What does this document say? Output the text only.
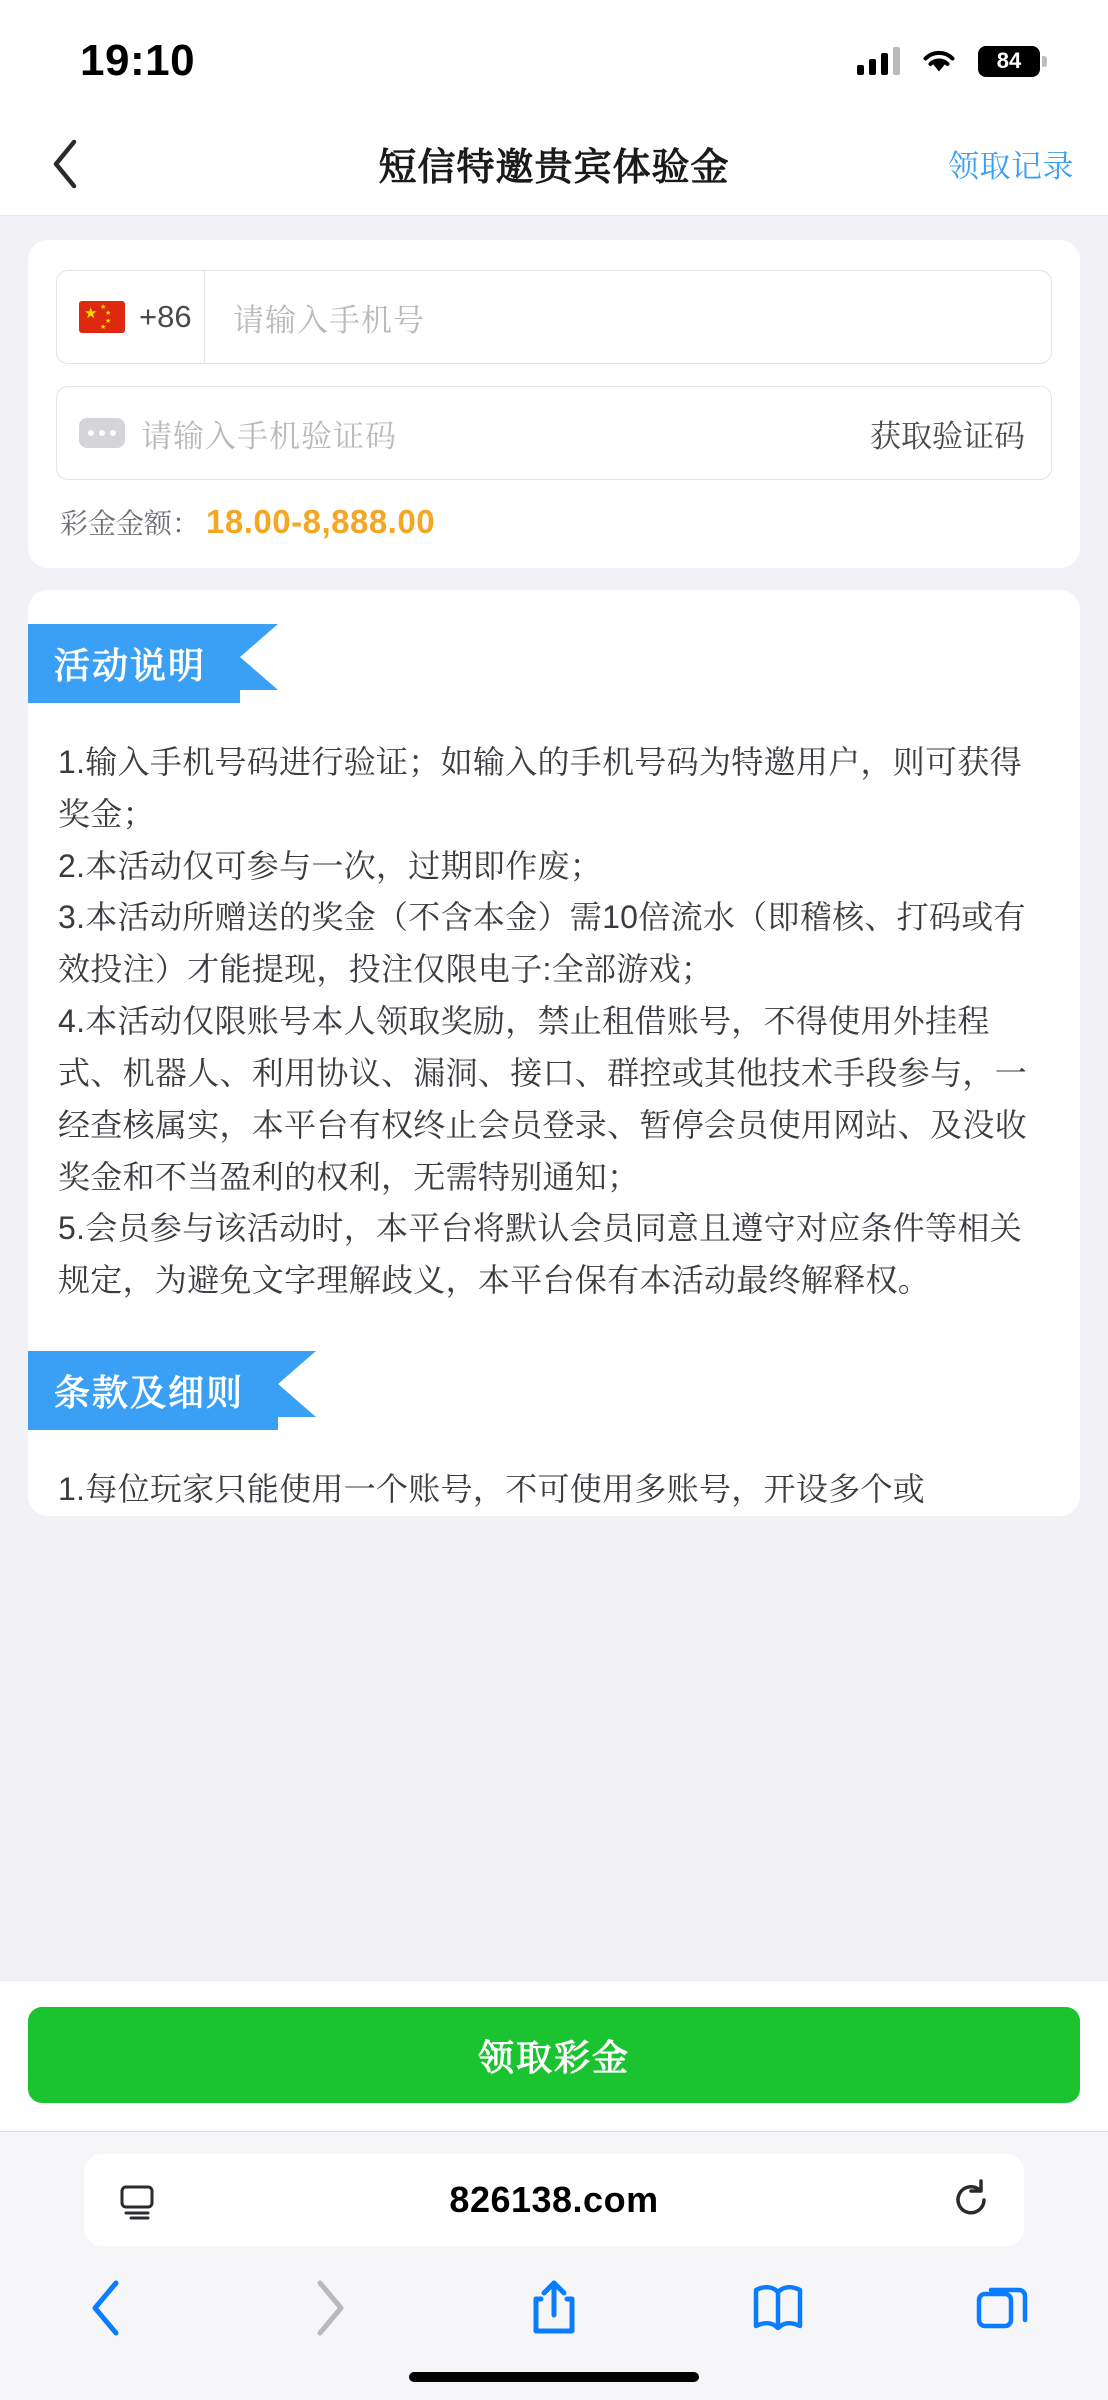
19:10	84
短信特邀贵宾体验金	领取记录
★ ★
★
★
★ +86	请输入手机号
请输入手机验证码	获取验证码
彩金金额： 18.00-8,888.00
活动说明

1.输入手机号码进行验证；如输入的手机号码为特邀用户，则可获得奖金；

2.本活动仅可参与一次，过期即作废；

3.本活动所赠送的奖金（不含本金）需10倍流水（即稽核、打码或有效投注）才能提现，投注仅限电子:全部游戏；

4.本活动仅限账号本人领取奖励，禁止租借账号，不得使用外挂程式、机器人、利用协议、漏洞、接口、群控或其他技术手段参与，一经查核属实，本平台有权终止会员登录、暂停会员使用网站、及没收奖金和不当盈利的权利，无需特别通知；

5.会员参与该活动时，本平台将默认会员同意且遵守对应条件等相关规定，为避免文字理解歧义，本平台保有本活动最终解释权。

条款及细则

1.每位玩家只能使用一个账号，不可使用多账号，开设多个或

领取彩金
826138.com
